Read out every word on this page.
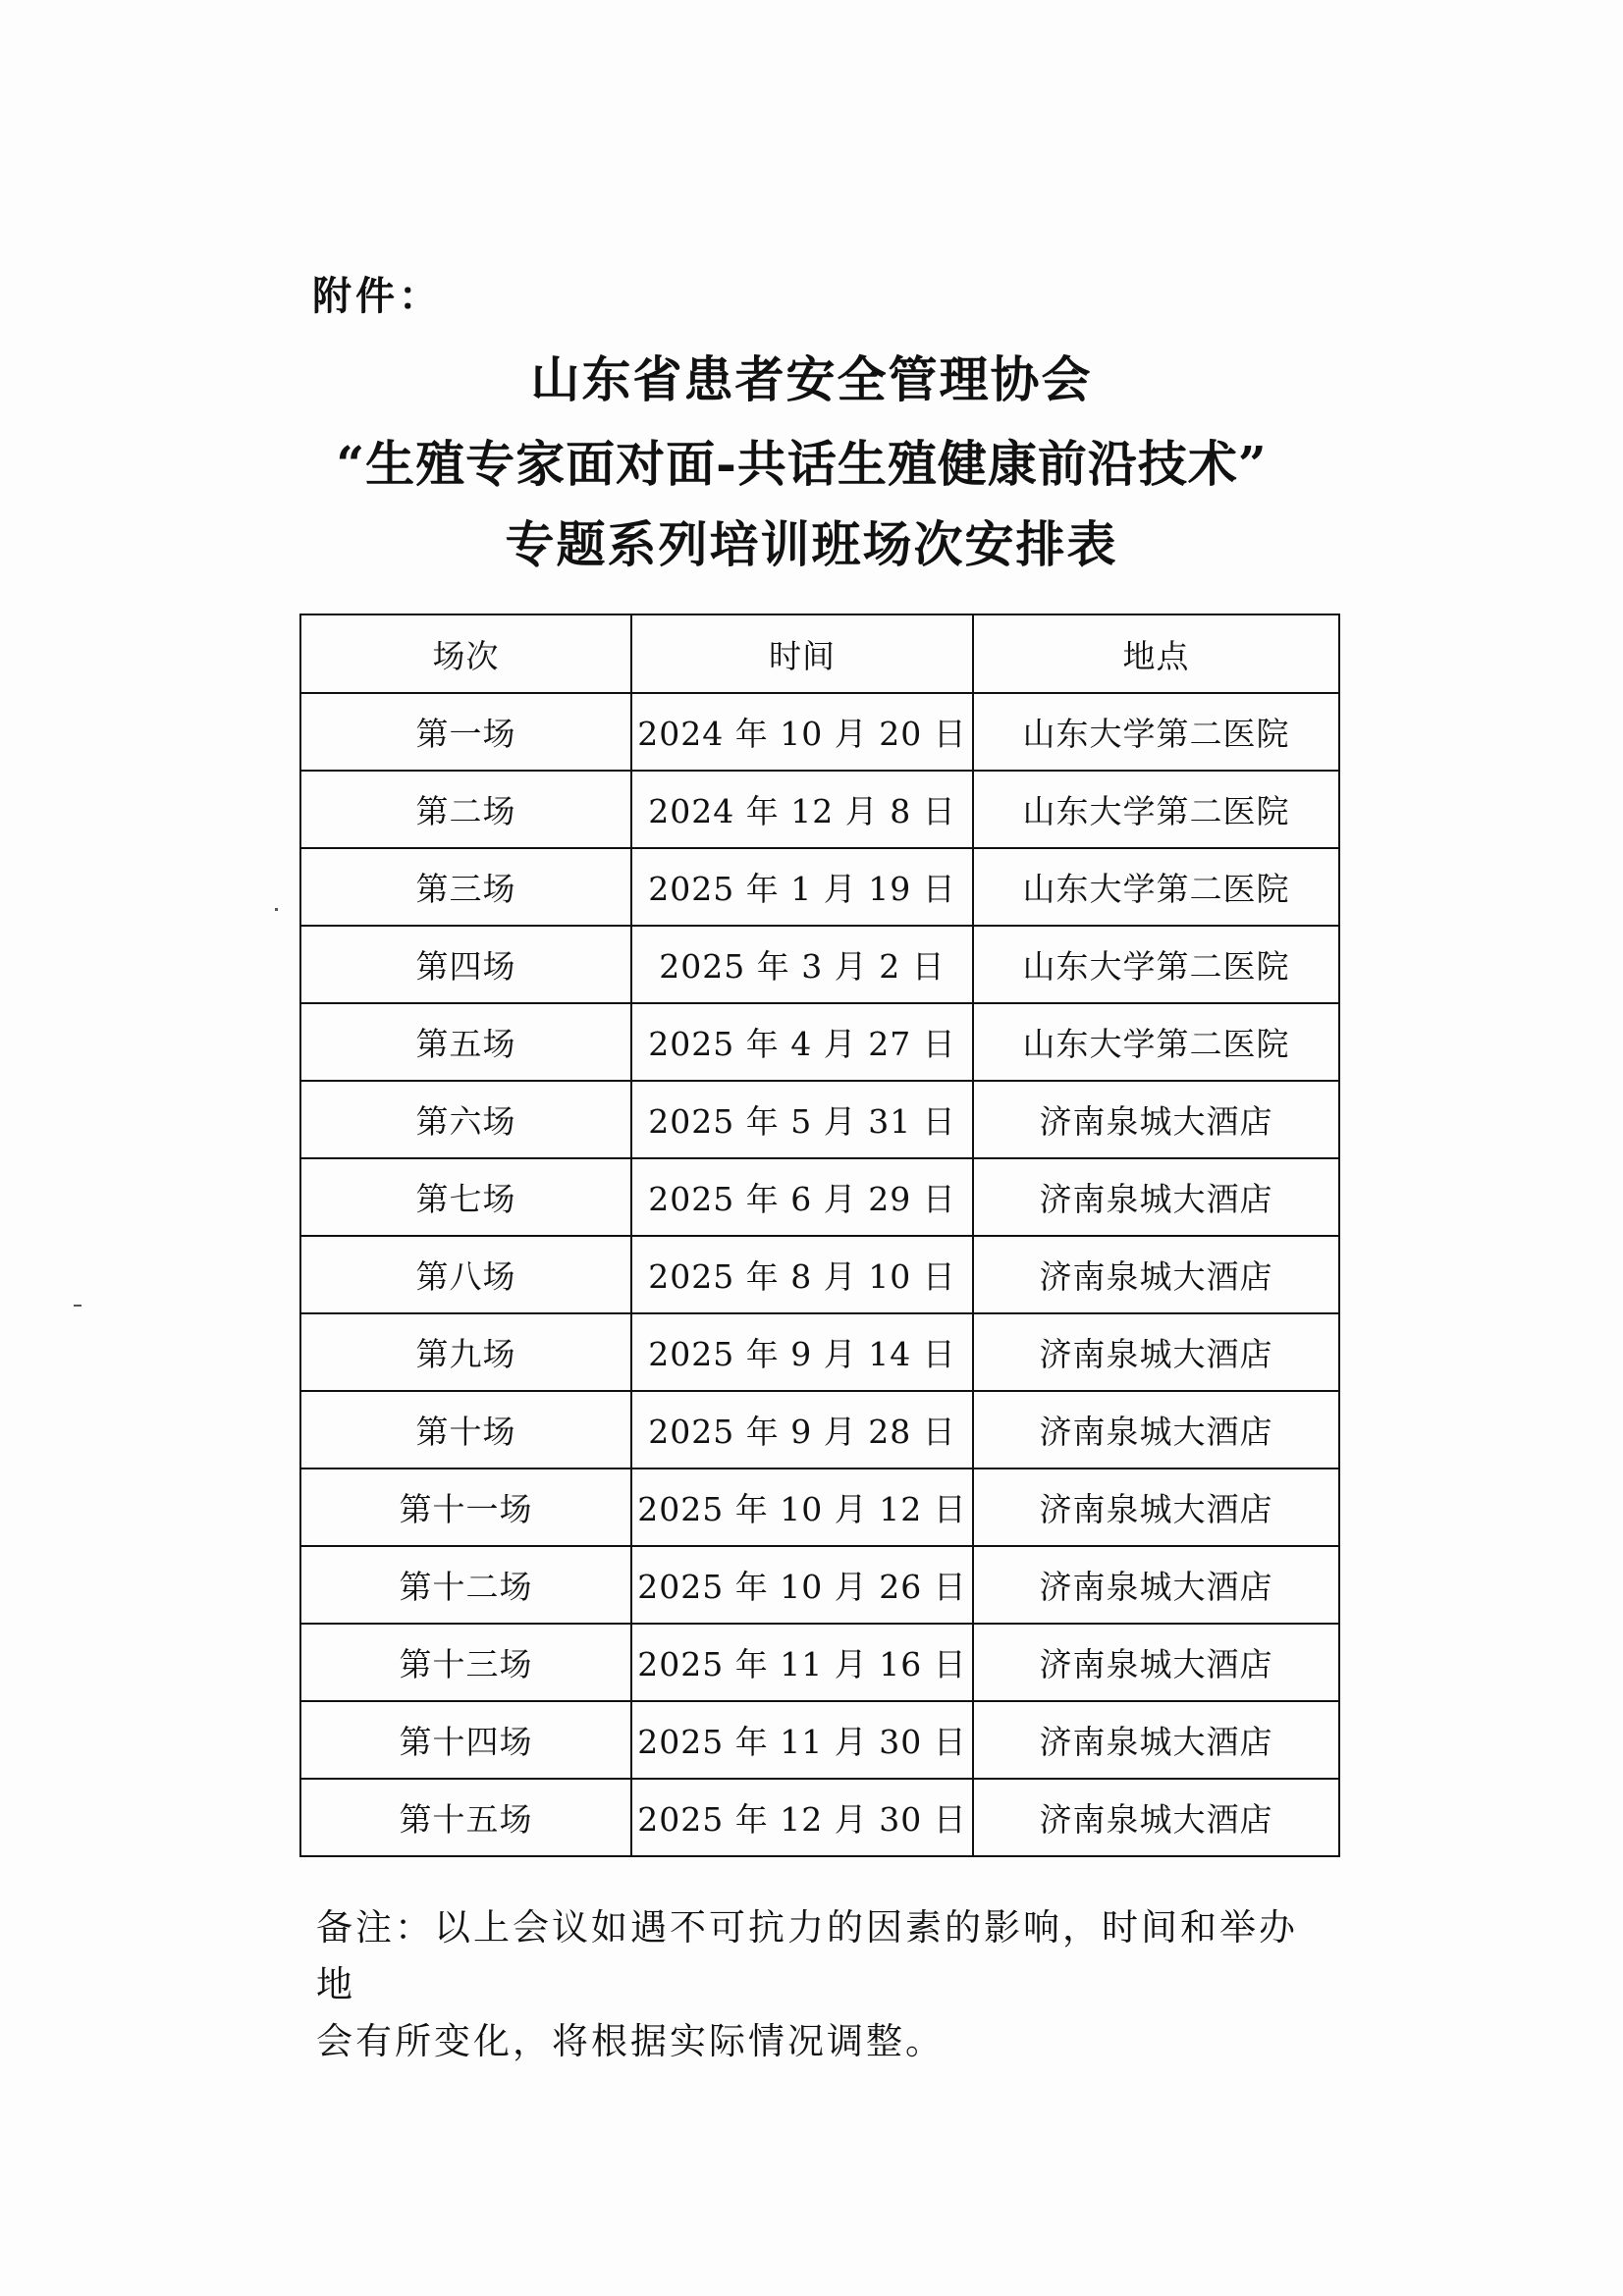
附件：
山东省患者安全管理协会
“生殖专家面对面-共话生殖健康前沿技术”
专题系列培训班场次安排表
场次	时间	地点
第一场	2024 年 10 月 20 日	山东大学第二医院
第二场	2024 年 12 月 8 日	山东大学第二医院
第三场	2025 年 1 月 19 日	山东大学第二医院
第四场	2025 年 3 月 2 日	山东大学第二医院
第五场	2025 年 4 月 27 日	山东大学第二医院
第六场	2025 年 5 月 31 日	济南泉城大酒店
第七场	2025 年 6 月 29 日	济南泉城大酒店
第八场	2025 年 8 月 10 日	济南泉城大酒店
第九场	2025 年 9 月 14 日	济南泉城大酒店
第十场	2025 年 9 月 28 日	济南泉城大酒店
第十一场	2025 年 10 月 12 日	济南泉城大酒店
第十二场	2025 年 10 月 26 日	济南泉城大酒店
第十三场	2025 年 11 月 16 日	济南泉城大酒店
第十四场	2025 年 11 月 30 日	济南泉城大酒店
第十五场	2025 年 12 月 30 日	济南泉城大酒店
备注：以上会议如遇不可抗力的因素的影响，时间和举办地
会有所变化，将根据实际情况调整。
